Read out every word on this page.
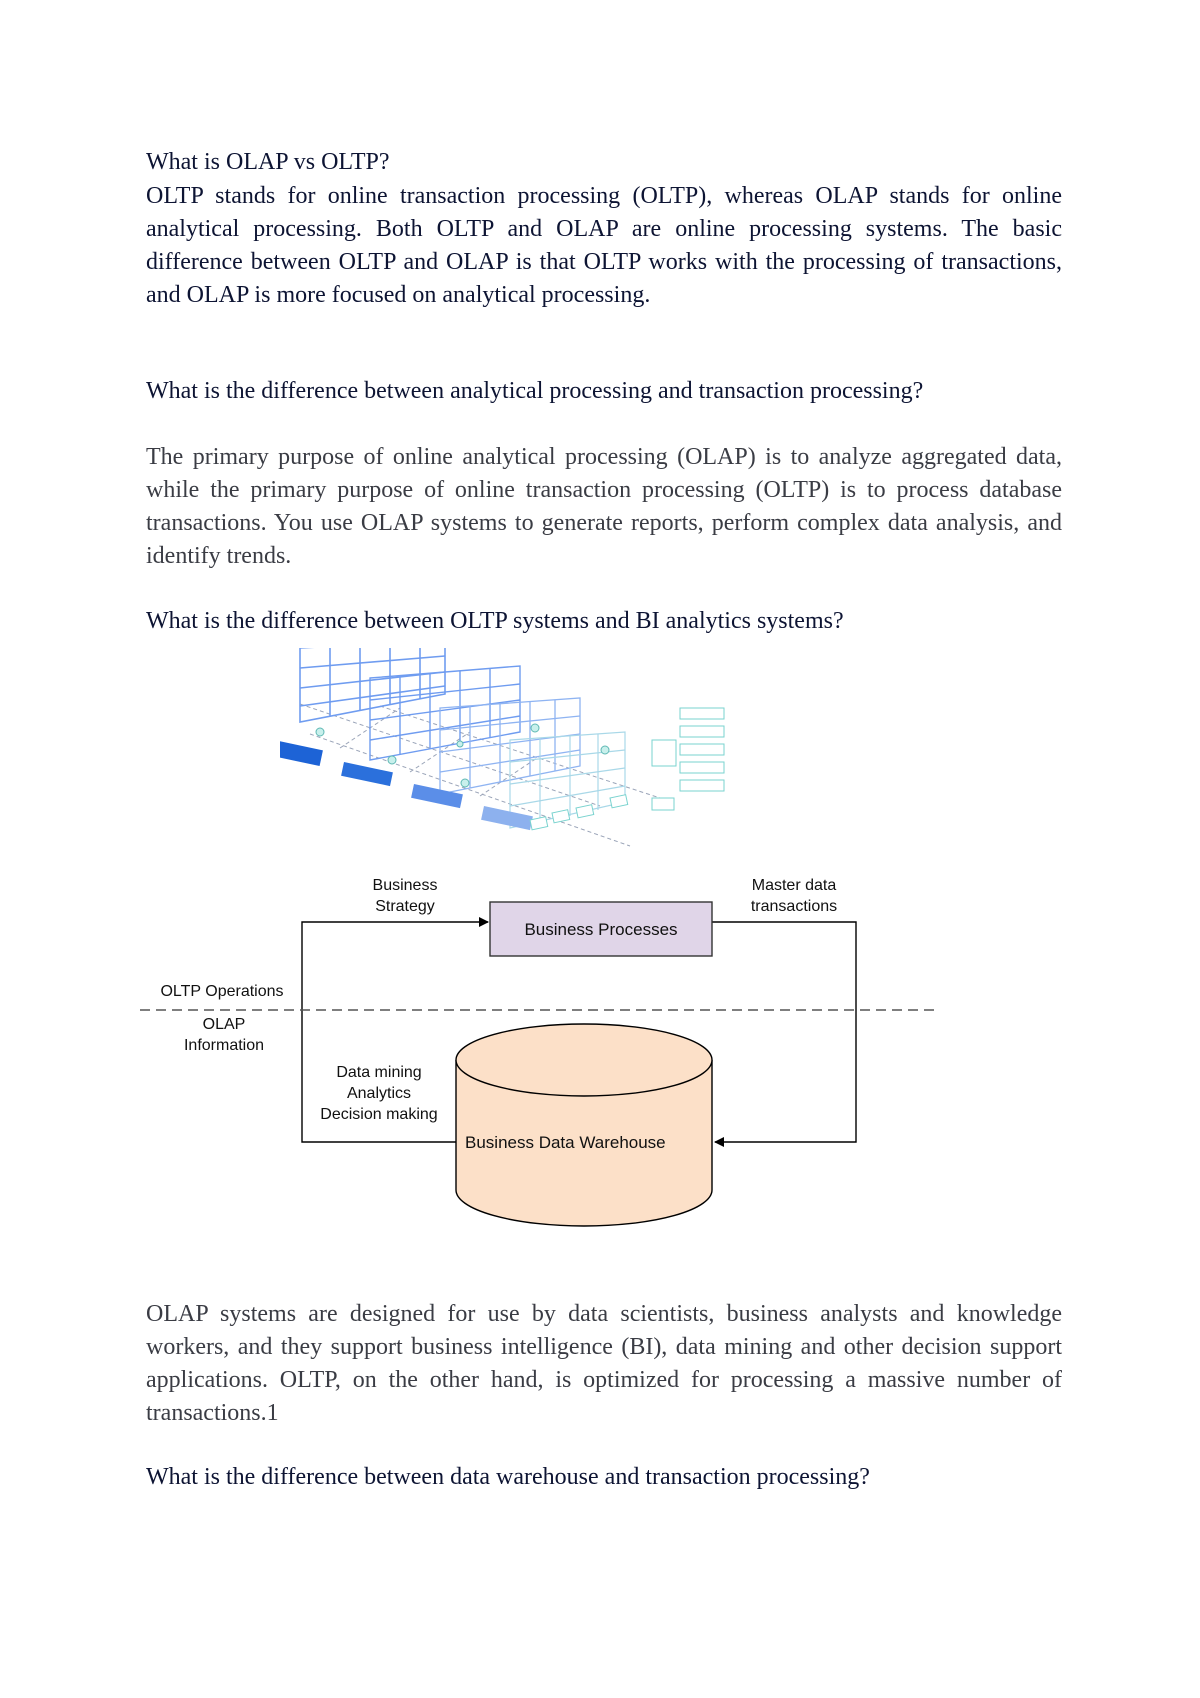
What is OLAP vs OLTP?
OLTP stands for online transaction processing (OLTP), whereas OLAP stands for online analytical processing. Both OLTP and OLAP are online processing systems. The basic difference between OLTP and OLAP is that OLTP works with the processing of transactions, and OLAP is more focused on analytical processing.
What is the difference between analytical processing and transaction processing?
The primary purpose of online analytical processing (OLAP) is to analyze aggregated data, while the primary purpose of online transaction processing (OLTP) is to process database transactions. You use OLAP systems to generate reports, perform complex data analysis, and identify trends.
What is the difference between OLTP systems and BI analytics systems?
Business Processes
Business Data Warehouse
Business
Strategy
Master data
transactions
OLTP Operations
OLAP
Information
Data mining
Analytics
Decision making
OLAP systems are designed for use by data scientists, business analysts and knowledge workers, and they support business intelligence (BI), data mining and other decision support applications. OLTP, on the other hand, is optimized for processing a massive number of transactions.1
What is the difference between data warehouse and transaction processing?
